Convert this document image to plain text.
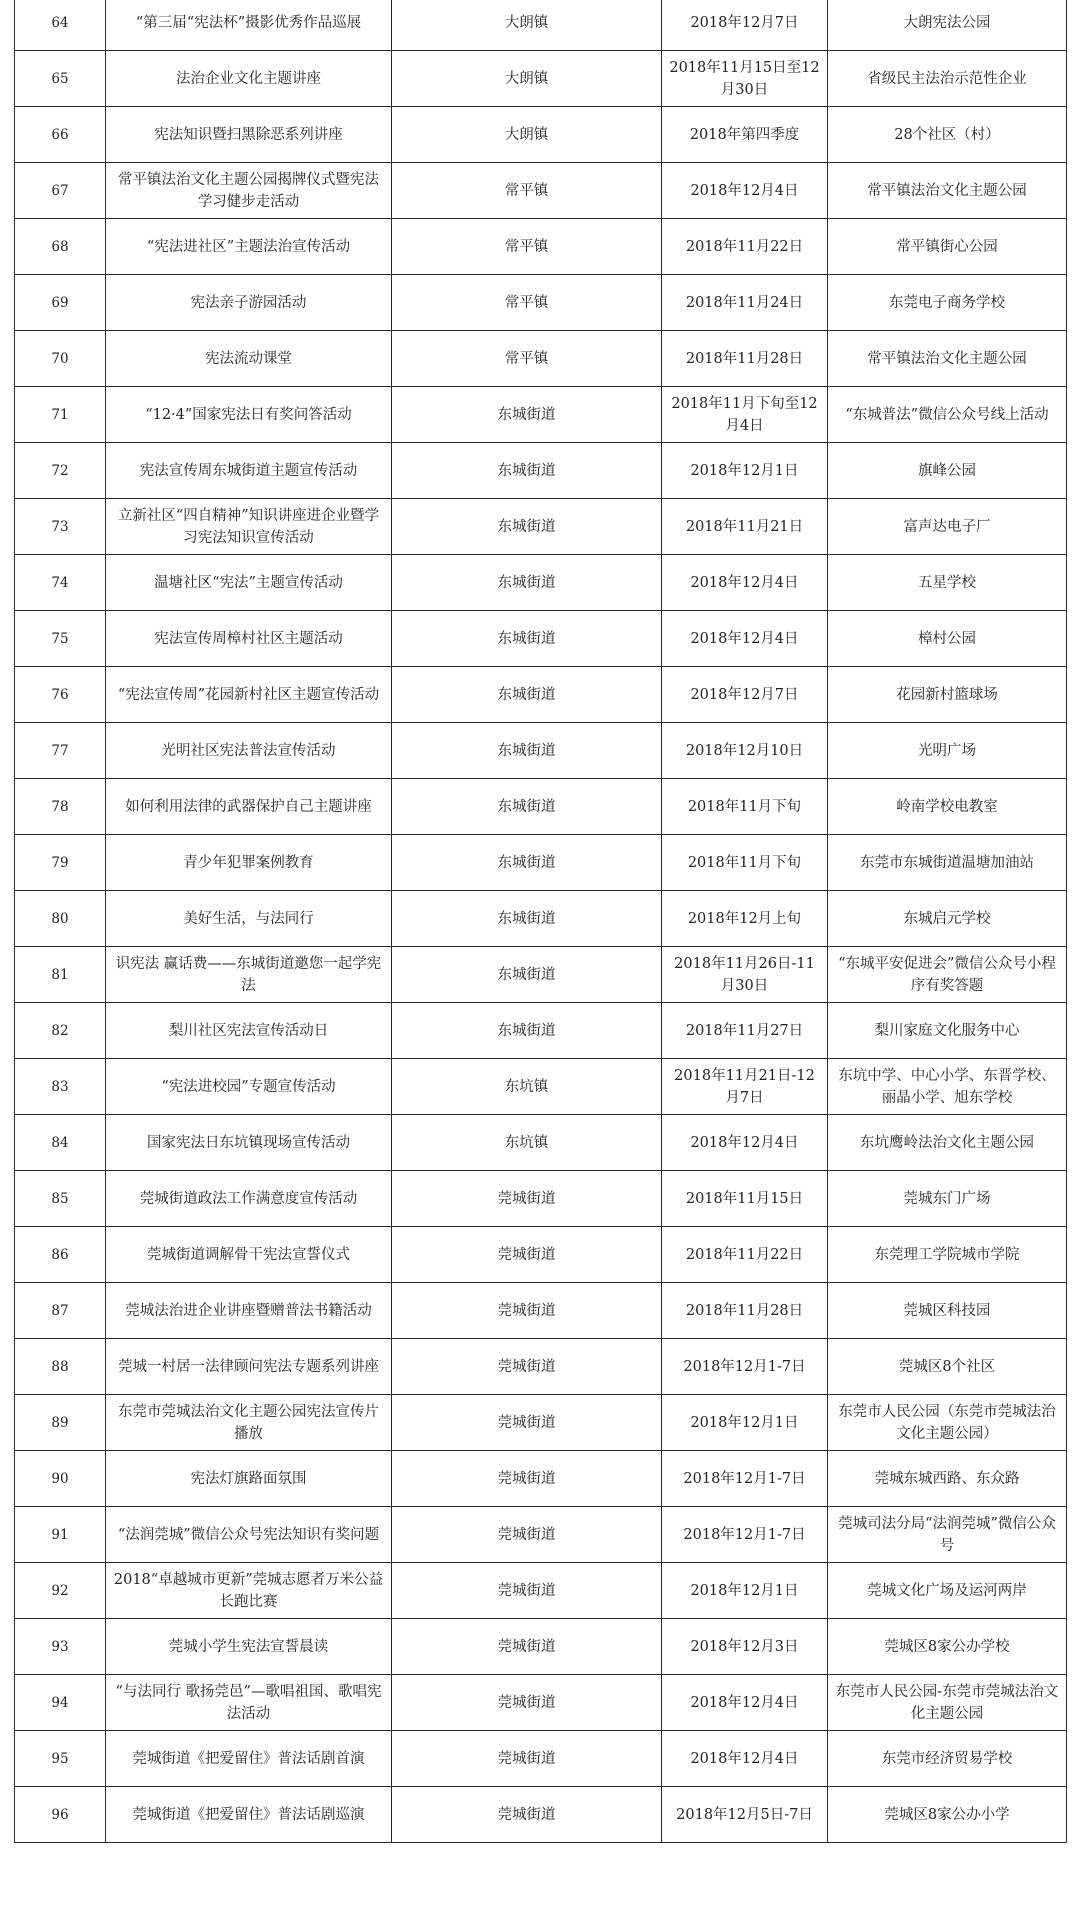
64	“第三届“宪法杯”摄影优秀作品巡展	大朗镇	2018年12月7日	大朗宪法公园
65	法治企业文化主题讲座	大朗镇	2018年11月15日至12月30日	省级民主法治示范性企业
66	宪法知识暨扫黑除恶系列讲座	大朗镇	2018年第四季度	28个社区（村）
67	常平镇法治文化主题公园揭牌仪式暨宪法学习健步走活动	常平镇	2018年12月4日	常平镇法治文化主题公园
68	“宪法进社区”主题法治宣传活动	常平镇	2018年11月22日	常平镇街心公园
69	宪法亲子游园活动	常平镇	2018年11月24日	东莞电子商务学校
70	宪法流动课堂	常平镇	2018年11月28日	常平镇法治文化主题公园
71	“12·4”国家宪法日有奖问答活动	东城街道	2018年11月下旬至12月4日	“东城普法”微信公众号线上活动
72	宪法宣传周东城街道主题宣传活动	东城街道	2018年12月1日	旗峰公园
73	立新社区“四自精神”知识讲座进企业暨学习宪法知识宣传活动	东城街道	2018年11月21日	富声达电子厂
74	温塘社区“宪法”主题宣传活动	东城街道	2018年12月4日	五星学校
75	宪法宣传周樟村社区主题活动	东城街道	2018年12月4日	樟村公园
76	“宪法宣传周”花园新村社区主题宣传活动	东城街道	2018年12月7日	花园新村篮球场
77	光明社区宪法普法宣传活动	东城街道	2018年12月10日	光明广场
78	如何利用法律的武器保护自己主题讲座	东城街道	2018年11月下旬	岭南学校电教室
79	青少年犯罪案例教育	东城街道	2018年11月下旬	东莞市东城街道温塘加油站
80	美好生活，与法同行	东城街道	2018年12月上旬	东城启元学校
81	识宪法 赢话费——东城街道邀您一起学宪法	东城街道	2018年11月26日-11月30日	“东城平安促进会”微信公众号小程序有奖答题
82	梨川社区宪法宣传活动日	东城街道	2018年11月27日	梨川家庭文化服务中心
83	“宪法进校园”专题宣传活动	东坑镇	2018年11月21日-12月7日	东坑中学、中心小学、东晋学校、丽晶小学、旭东学校
84	国家宪法日东坑镇现场宣传活动	东坑镇	2018年12月4日	东坑鹰岭法治文化主题公园
85	莞城街道政法工作满意度宣传活动	莞城街道	2018年11月15日	莞城东门广场
86	莞城街道调解骨干宪法宣誓仪式	莞城街道	2018年11月22日	东莞理工学院城市学院
87	莞城法治进企业讲座暨赠普法书籍活动	莞城街道	2018年11月28日	莞城区科技园
88	莞城一村居一法律顾问宪法专题系列讲座	莞城街道	2018年12月1-7日	莞城区8个社区
89	东莞市莞城法治文化主题公园宪法宣传片播放	莞城街道	2018年12月1日	东莞市人民公园（东莞市莞城法治文化主题公园）
90	宪法灯旗路面氛围	莞城街道	2018年12月1-7日	莞城东城西路、东众路
91	“法润莞城”微信公众号宪法知识有奖问题	莞城街道	2018年12月1-7日	莞城司法分局“法润莞城”微信公众号
92	2018“卓越城市更新”莞城志愿者万米公益长跑比赛	莞城街道	2018年12月1日	莞城文化广场及运河两岸
93	莞城小学生宪法宣誓晨读	莞城街道	2018年12月3日	莞城区8家公办学校
94	“与法同行 歌扬莞邑”—歌唱祖国、歌唱宪法活动	莞城街道	2018年12月4日	东莞市人民公园-东莞市莞城法治文化主题公园
95	莞城街道《把爱留住》普法话剧首演	莞城街道	2018年12月4日	东莞市经济贸易学校
96	莞城街道《把爱留住》普法话剧巡演	莞城街道	2018年12月5日-7日	莞城区8家公办小学
